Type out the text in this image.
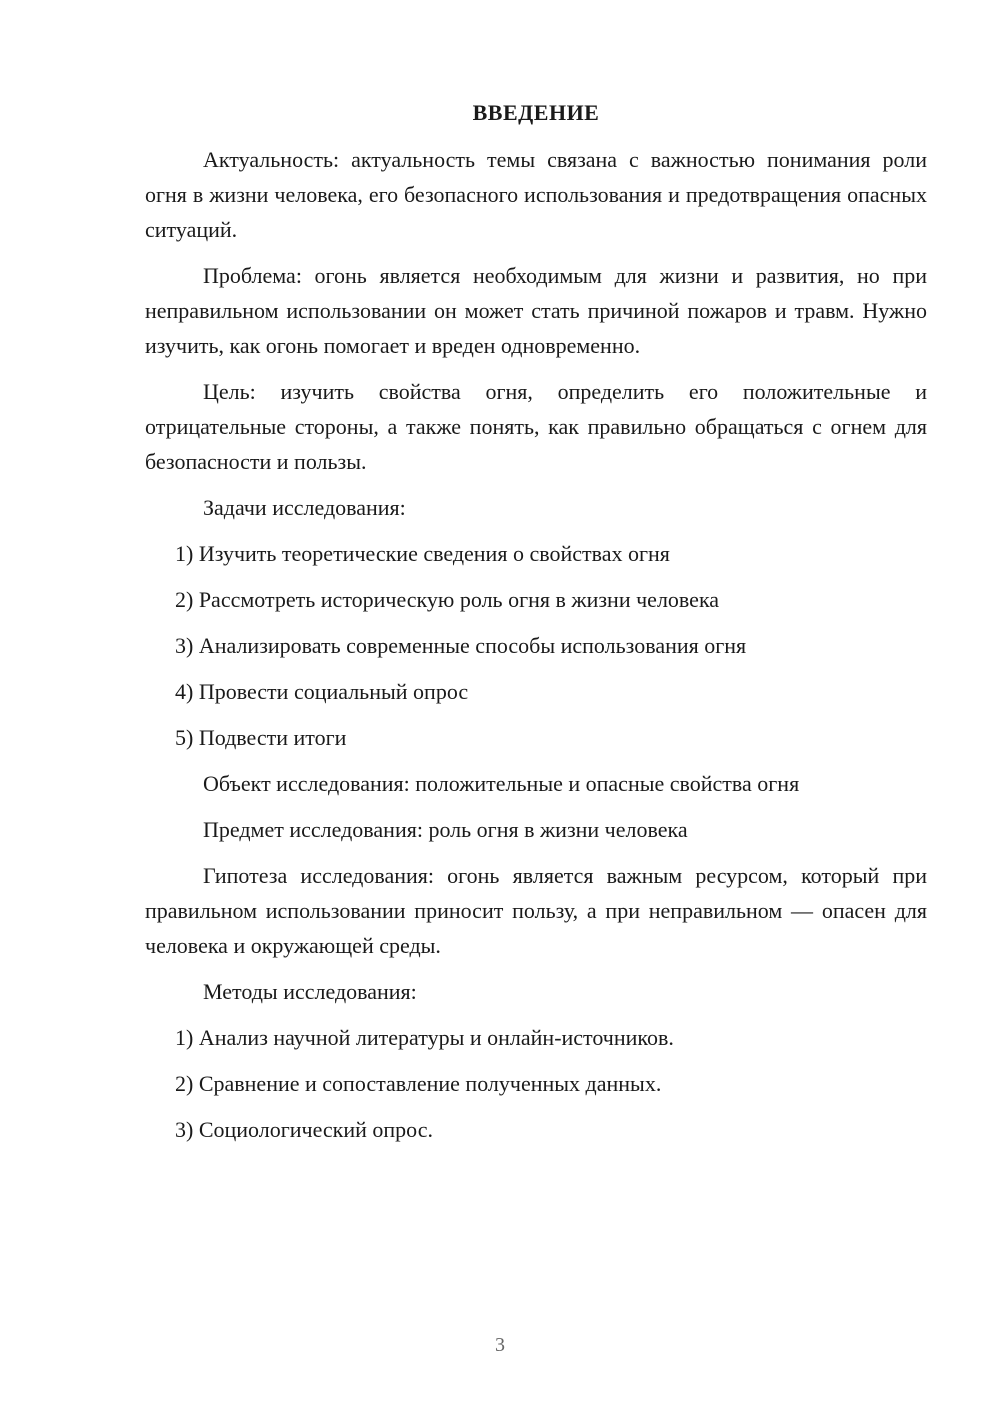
ВВЕДЕНИЕ

Актуальность: актуальность темы связана с важностью понимания роли огня в жизни человека, его безопасного использования и предотвращения опасных ситуаций.

Проблема: огонь является необходимым для жизни и развития, но при неправильном использовании он может стать причиной пожаров и травм. Нужно изучить, как огонь помогает и вреден одновременно.

Цель: изучить свойства огня, определить его положительные и отрицательные стороны, а также понять, как правильно обращаться с огнем для безопасности и пользы.

Задачи исследования:

1) Изучить теоретические сведения о свойствах огня

2) Рассмотреть историческую роль огня в жизни человека

3) Анализировать современные способы использования огня

4) Провести социальный опрос

5) Подвести итоги

Объект исследования: положительные и опасные свойства огня

Предмет исследования: роль огня в жизни человека

Гипотеза исследования: огонь является важным ресурсом, который при правильном использовании приносит пользу, а при неправильном — опасен для человека и окружающей среды.

Методы исследования:

1) Анализ научной литературы и онлайн-источников.

2) Сравнение и сопоставление полученных данных.

3) Социологический опрос.

3
